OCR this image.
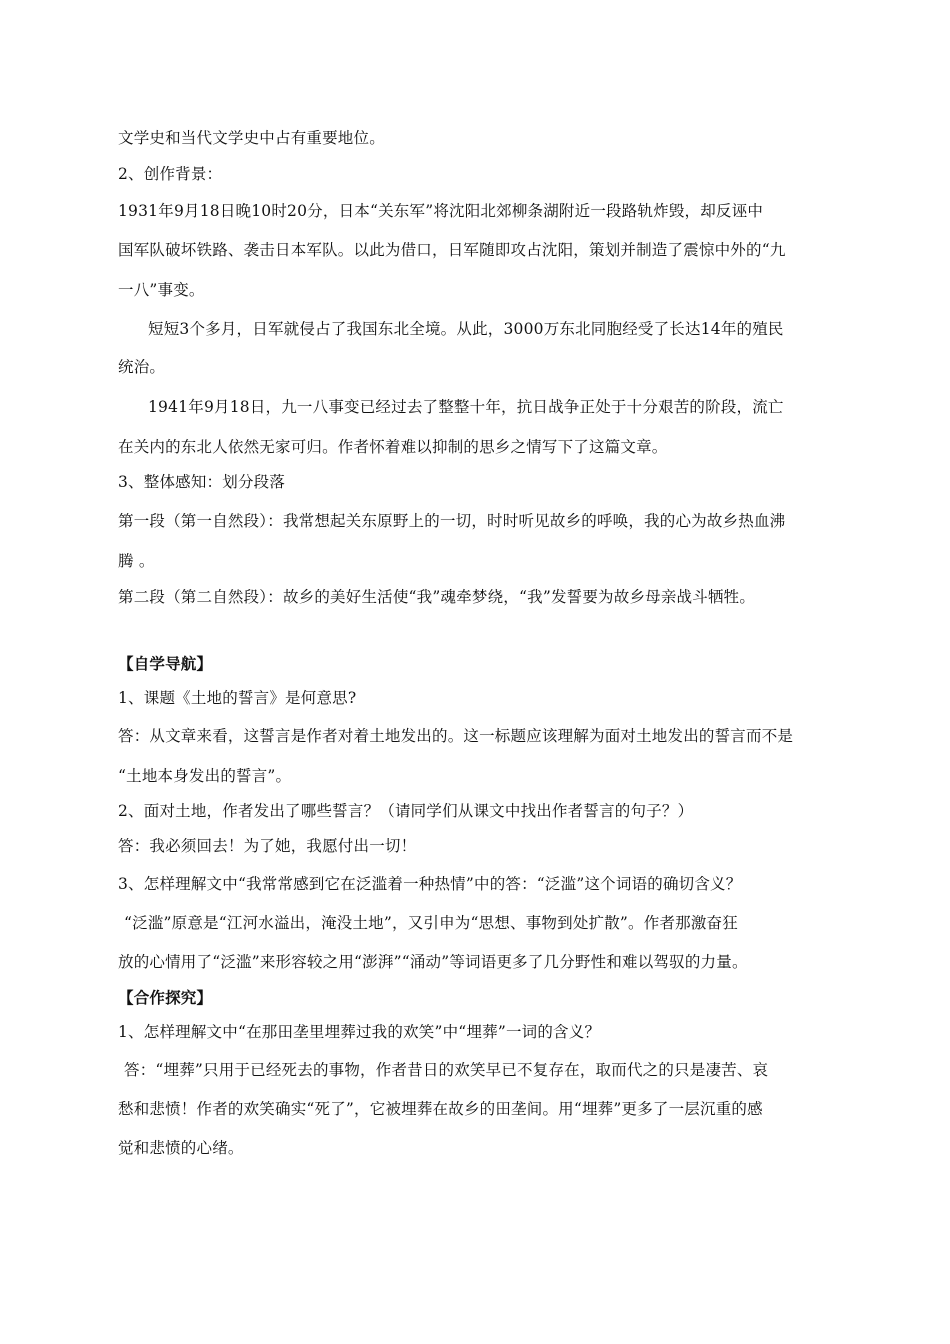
文学史和当代文学史中占有重要地位。
2、创作背景：
1931年9月18日晚10时20分，日本“关东军”将沈阳北郊柳条湖附近一段路轨炸毁，却反诬中
国军队破坏铁路、袭击日本军队。以此为借口，日军随即攻占沈阳，策划并制造了震惊中外的“九
一八”事变。
短短3个多月，日军就侵占了我国东北全境。从此，3000万东北同胞经受了长达14年的殖民
统治。
1941年9月18日，九一八事变已经过去了整整十年，抗日战争正处于十分艰苦的阶段，流亡
在关内的东北人依然无家可归。作者怀着难以抑制的思乡之情写下了这篇文章。
3、整体感知：划分段落
第一段（第一自然段）：我常想起关东原野上的一切，时时听见故乡的呼唤，我的心为故乡热血沸
腾 。
第二段（第二自然段）：故乡的美好生活使“我”魂牵梦绕，“我”发誓要为故乡母亲战斗牺牲。
【自学导航】
1、课题《土地的誓言》是何意思?
答：从文章来看，这誓言是作者对着土地发出的。这一标题应该理解为面对土地发出的誓言而不是
“土地本身发出的誓言”。
2、面对土地，作者发出了哪些誓言？（请同学们从课文中找出作者誓言的句子？）
答：我必须回去！为了她，我愿付出一切！
3、怎样理解文中“我常常感到它在泛滥着一种热情”中的答：“泛滥”这个词语的确切含义？
“泛滥”原意是“江河水溢出，淹没土地”，又引申为“思想、事物到处扩散”。作者那激奋狂
放的心情用了“泛滥”来形容较之用“澎湃”“涌动”等词语更多了几分野性和难以驾驭的力量。
【合作探究】
1、怎样理解文中“在那田垄里埋葬过我的欢笑”中“埋葬”一词的含义？
答：“埋葬”只用于已经死去的事物，作者昔日的欢笑早已不复存在，取而代之的只是凄苦、哀
愁和悲愤！作者的欢笑确实“死了”，它被埋葬在故乡的田垄间。用“埋葬”更多了一层沉重的感
觉和悲愤的心绪。
